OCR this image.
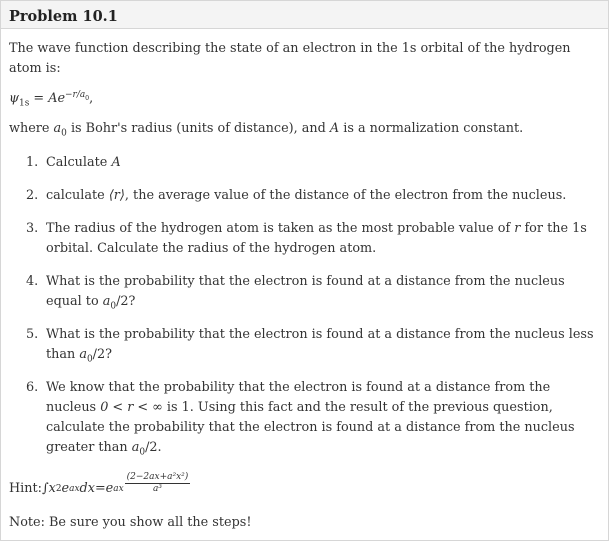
Problem 10.1

The wave function describing the state of an electron in the 1s orbital of the hydrogen atom is:

$\psi_{1s} = Ae^{-r/a_0}$,

where $a_0$ is Bohr's radius (units of distance), and A is a normalization constant.

1. Calculate A
2. calculate ⟨r⟩, the average value of the distance of the electron from the nucleus.
3. The radius of the hydrogen atom is taken as the most probable value of r for the 1s orbital. Calculate the radius of the hydrogen atom.
4. What is the probability that the electron is found at a distance from the nucleus equal to $a_0/2$?
5. What is the probability that the electron is found at a distance from the nucleus less than $a_0/2$?
6. We know that the probability that the electron is found at a distance from the nucleus 0 < r < ∞ is 1. Using this fact and the result of the previous question, calculate the probability that the electron is found at a distance from the nucleus greater than $a_0/2$.
Hint: ∫ x 2 e ax dx = e ax $\frac{\text{(2−2ax+a²x²)}}{\text{a³}}$

Note: Be sure you show all the steps!
